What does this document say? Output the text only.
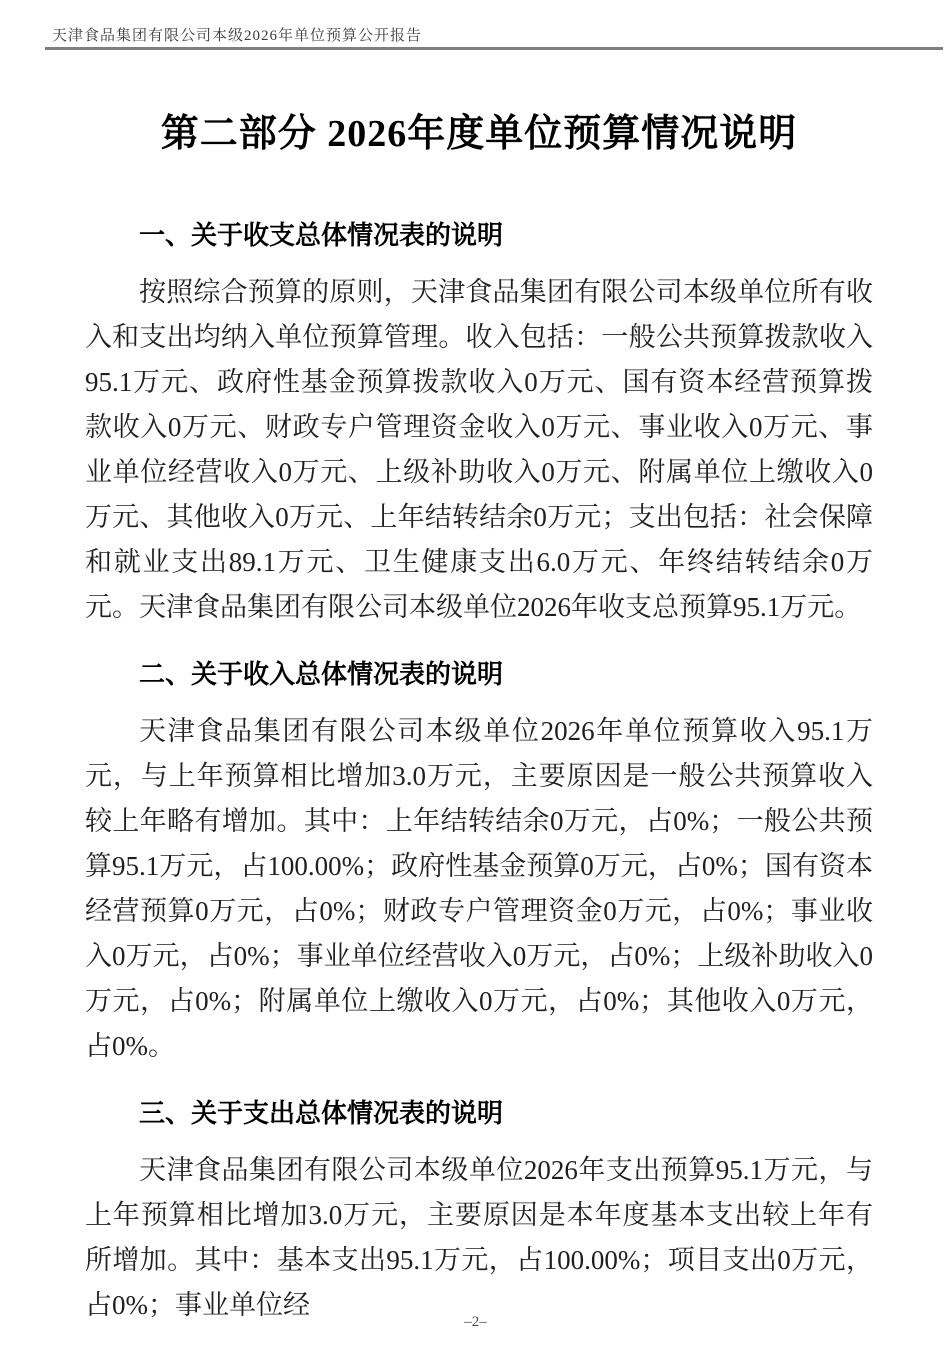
天津食品集团有限公司本级2026年单位预算公开报告
第二部分 2026年度单位预算情况说明
一、关于收支总体情况表的说明

按照综合预算的原则，天津食品集团有限公司本级单位所有收入和支出均纳入单位预算管理。收入包括：一般公共预算拨款收入95.1万元、政府性基金预算拨款收入0万元、国有资本经营预算拨款收入0万元、财政专户管理资金收入0万元、事业收入0万元、事业单位经营收入0万元、上级补助收入0万元、附属单位上缴收入0万元、其他收入0万元、上年结转结余0万元；支出包括：社会保障和就业支出89.1万元、卫生健康支出6.0万元、年终结转结余0万元。天津食品集团有限公司本级单位2026年收支总预算95.1万元。

二、关于收入总体情况表的说明

天津食品集团有限公司本级单位2026年单位预算收入95.1万元，与上年预算相比增加3.0万元，主要原因是一般公共预算收入较上年略有增加。其中：上年结转结余0万元，占0%；一般公共预算95.1万元，占100.00%；政府性基金预算0万元，占0%；国有资本经营预算0万元，占0%；财政专户管理资金0万元，占0%；事业收入0万元，占0%；事业单位经营收入0万元，占0%；上级补助收入0万元，占0%；附属单位上缴收入0万元，占0%；其他收入0万元，占0%。

三、关于支出总体情况表的说明

天津食品集团有限公司本级单位2026年支出预算95.1万元，与上年预算相比增加3.0万元，主要原因是本年度基本支出较上年有所增加。其中：基本支出95.1万元，占100.00%；项目支出0万元，占0%；事业单位经

–2–
